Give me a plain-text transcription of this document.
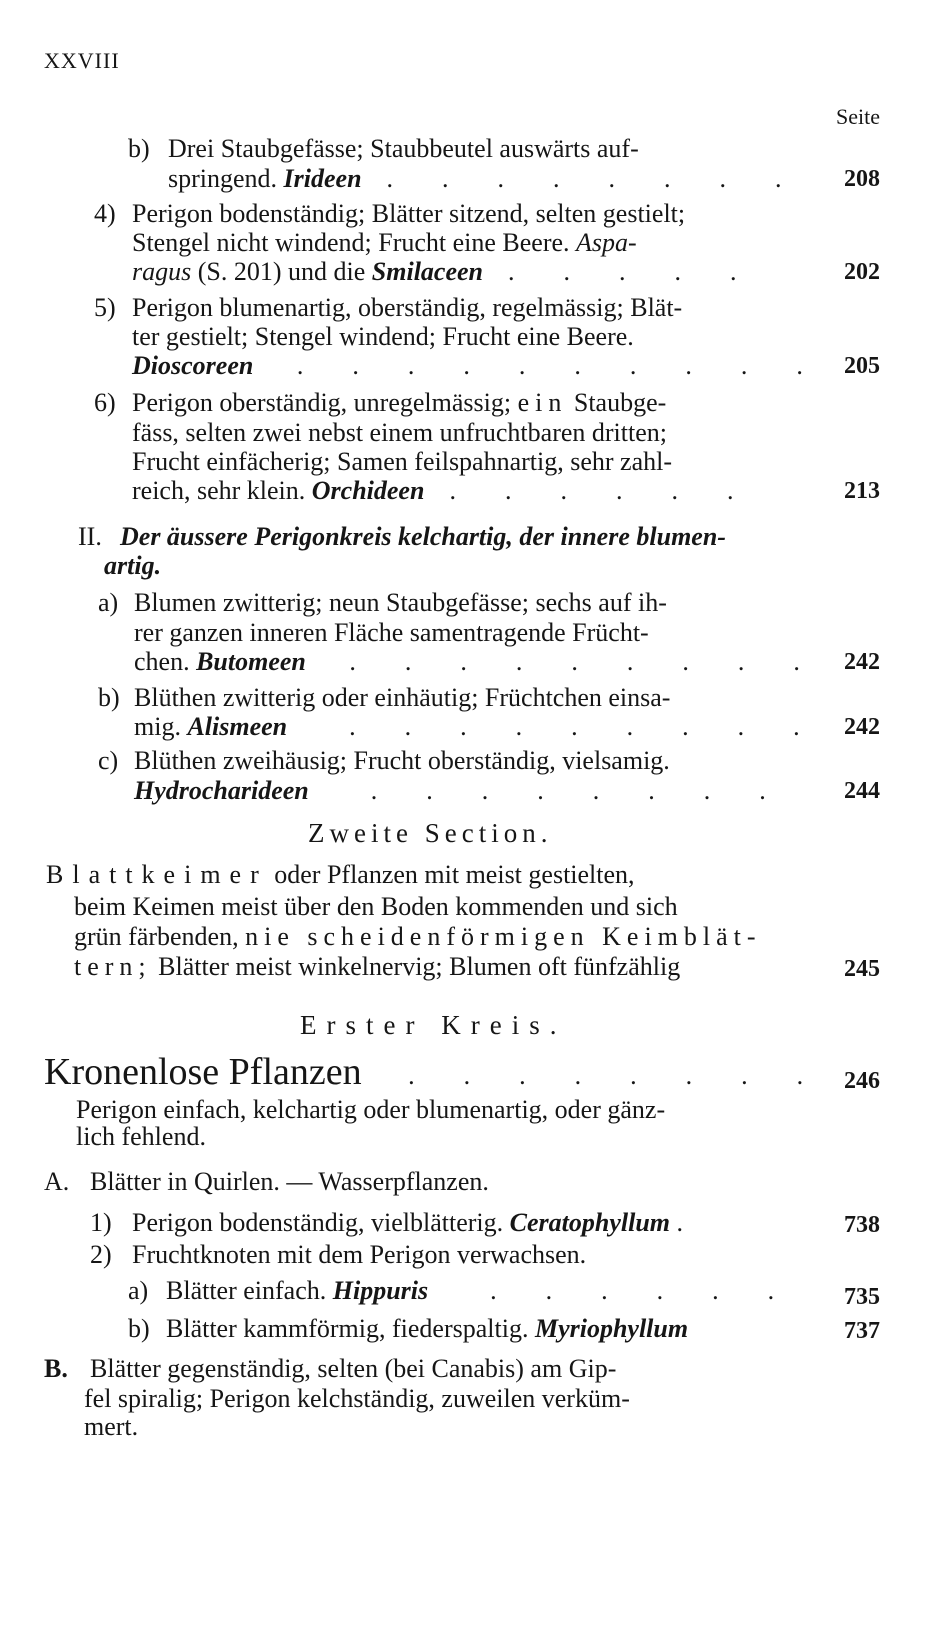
XXVIII
Seite
b) Drei Staubgefässe; Staubbeutel auswärts auf-
springend. Irideen  .  .  .  .  .  .  .  . 208
4) Perigon bodenständig; Blätter sitzend, selten gestielt;
Stengel nicht windend; Frucht eine Beere. Aspa-
ragus (S. 201) und die Smilaceen  .  .  .  .  .	202
5) Perigon blumenartig, oberständig, regelmässig; Blät-
ter gestielt; Stengel windend; Frucht eine Beere.
Dioscoreen   .  .  .  .  .  .  .  .  .  . 205
6) Perigon oberständig, unregelmässig; ein Staubge-
fäss, selten zwei nebst einem unfruchtbaren dritten;
Frucht einfächerig; Samen feilspahnartig, sehr zahl-
reich, sehr klein. Orchideen  .  .  .  .  .  .	213
II. Der äussere Perigonkreis kelchartig, der innere blumen-
artig.
a) Blumen zwitterig; neun Staubgefässe; sechs auf ih-
rer ganzen inneren Fläche samentragende Frücht-
chen. Butomeen   .  .  .  .  .  .  .  .  . 242
b) Blüthen zwitterig oder einhäutig; Früchtchen einsa-
mig. Alismeen    .  .  .  .  .  .  .  .  . 242
c) Blüthen zweihäusig; Frucht oberständig, vielsamig.
Hydrocharideen    .  .  .  .  .  .  .  .	244
Zweite Section.
Blattkeimer oder Pflanzen mit meist gestielten,
beim Keimen meist über den Boden kommenden und sich
grün färbenden, nie scheidenförmigen Keimblät-
tern; Blätter meist winkelnervig; Blumen oft fünfzählig	245
Erster Kreis.
Kronenlose Pflanzen   .  .  .  .  .  .  .  . 246
Perigon einfach, kelchartig oder blumenartig, oder gänz-
lich fehlend.
A. Blätter in Quirlen. — Wasserpflanzen.
1) Perigon bodenständig, vielblätterig. Ceratophyllum .	738
2) Fruchtknoten mit dem Perigon verwachsen.
a) Blätter einfach. Hippuris    .  .  .  .  .  . 735
b) Blätter kammförmig, fiederspaltig. Myriophyllum	737
B. Blätter gegenständig, selten (bei Canabis) am Gip-
fel spiralig; Perigon kelchständig, zuweilen verküm-
mert.
